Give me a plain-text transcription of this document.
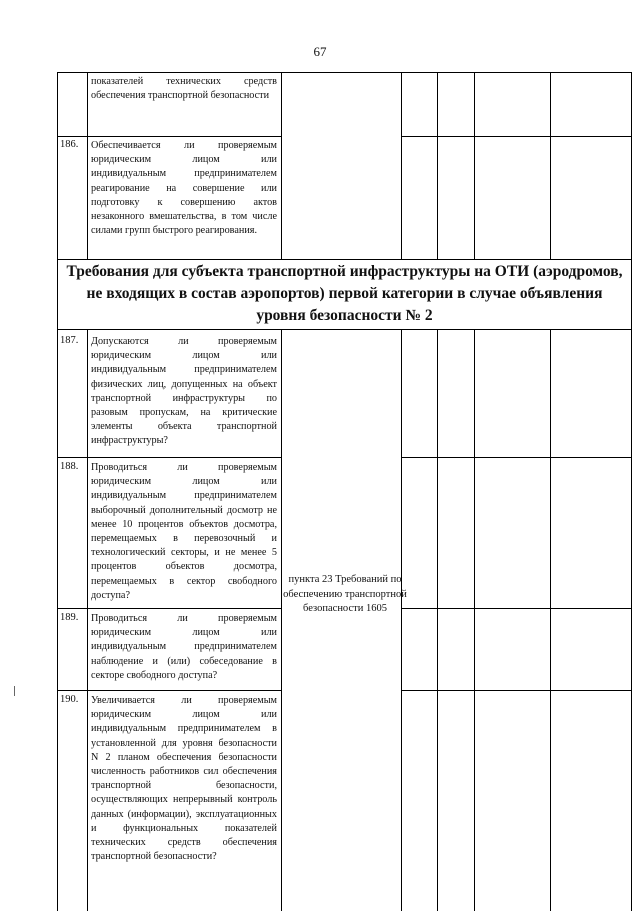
67
показателей технических средств обеспечения транспортной безопасности
186. Обеспечивается ли проверяемым юридическим лицом или индивидуальным предпринимателем реагирование на совершение или подготовку к совершению актов незаконного вмешательства, в том числе силами групп быстрого реагирования.
Требования для субъекта транспортной инфраструктуры на ОТИ (аэродромов, не входящих в состав аэропортов) первой категории в случае объявления уровня безопасности № 2
187. Допускаются ли проверяемым юридическим лицом или индивидуальным предпринимателем физических лиц, допущенных на объект транспортной инфраструктуры по разовым пропускам, на критические элементы объекта транспортной инфраструктуры?
188. Проводиться ли проверяемым юридическим лицом или индивидуальным предпринимателем выборочный дополнительный досмотр не менее 10 процентов объектов досмотра, перемещаемых в перевозочный и технологический секторы, и не менее 5 процентов объектов досмотра, перемещаемых в сектор свободного доступа?
189. Проводиться ли проверяемым юридическим лицом или индивидуальным предпринимателем наблюдение и (или) собеседование в секторе свободного доступа?
190. Увеличивается ли проверяемым юридическим лицом или индивидуальным предпринимателем в установленной для уровня безопасности N 2 планом обеспечения безопасности численность работников сил обеспечения транспортной безопасности, осуществляющих непрерывный контроль данных (информации), эксплуатационных и функциональных показателей технических средств обеспечения транспортной безопасности?
пункта 23 Требований по обеспечению транспортной безопасности 1605
